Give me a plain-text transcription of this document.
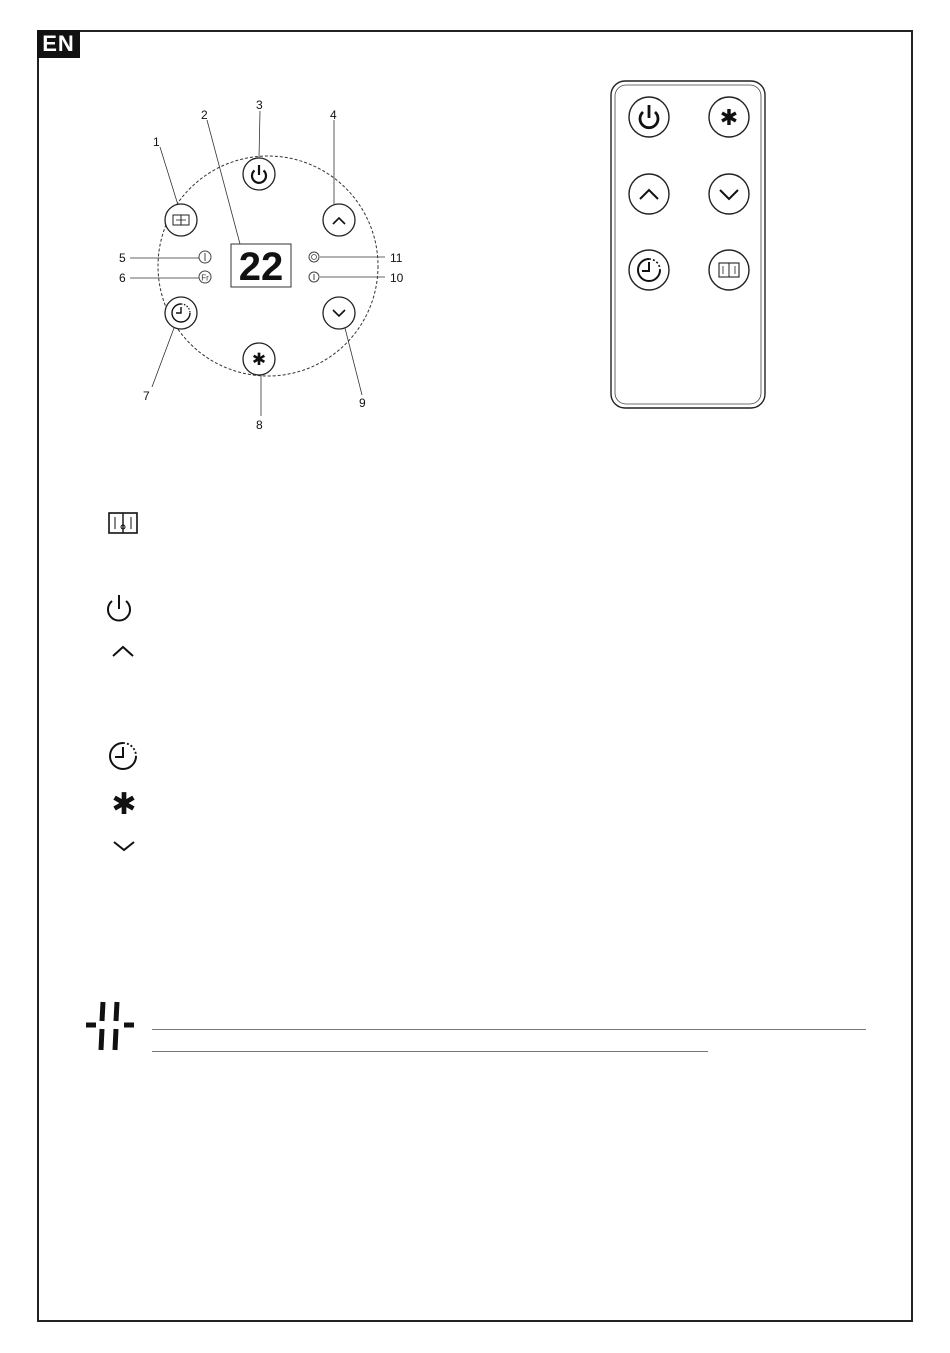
EN
22
Fr
✱
1
2
3
4
5
6
7
8
9
10
11
✱
✱
